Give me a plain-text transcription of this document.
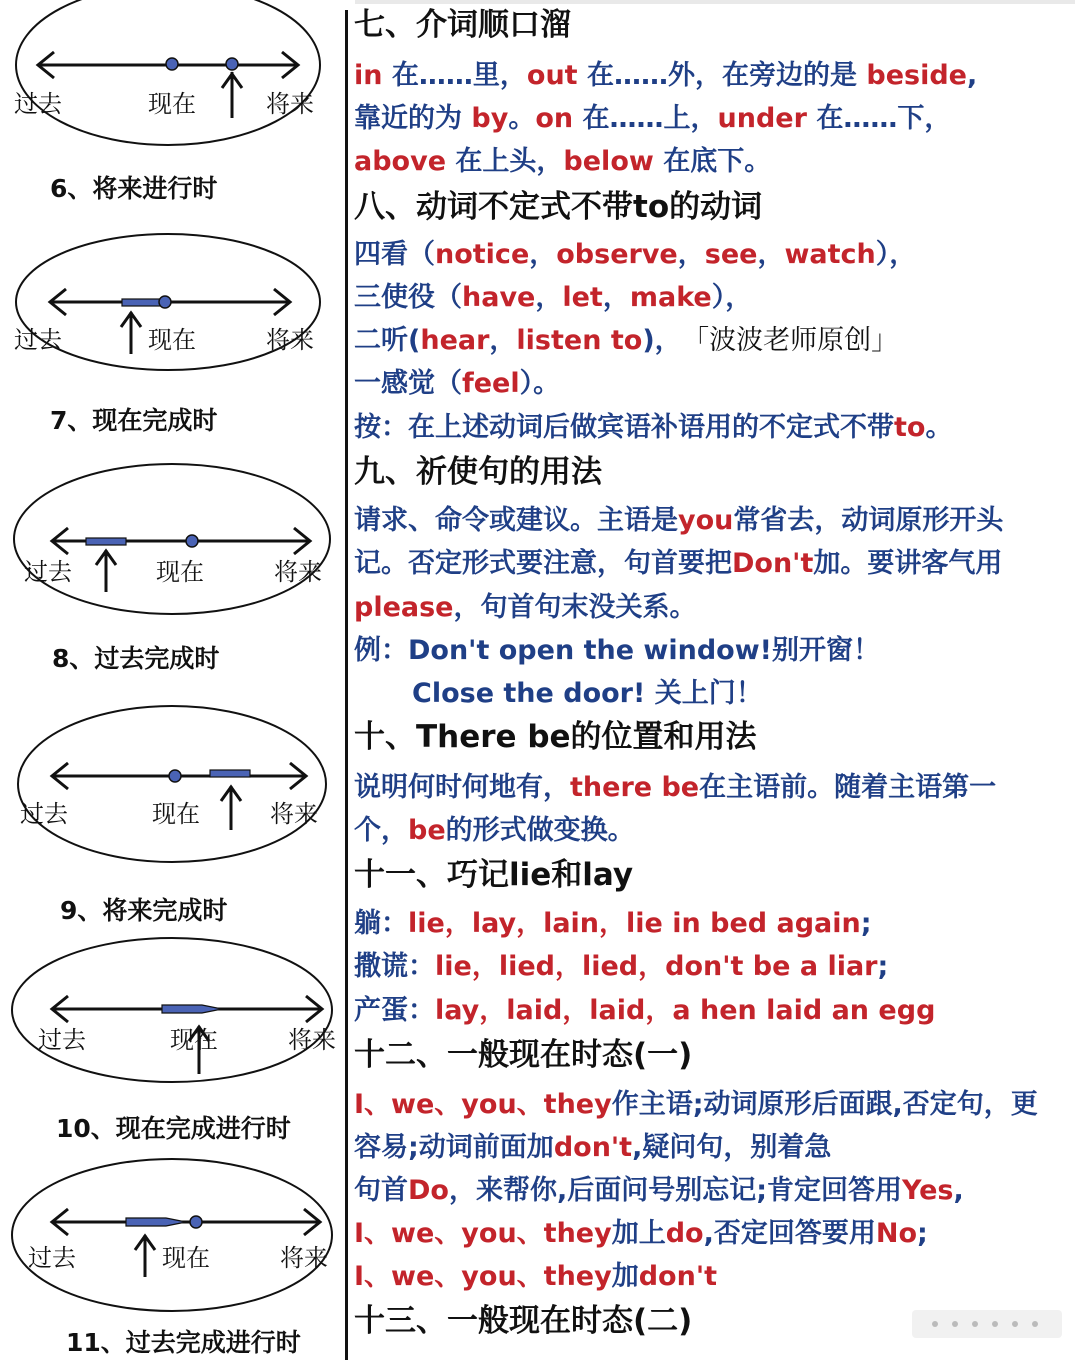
过去	现在	将来
6、将来进行时
过去	现在	将来
7、现在完成时
过去	现在	将来
8、过去完成时
过去	现在	将来
9、将来完成时
过去	现在	将来
10、现在完成进行时
过去	现在	将来
11、过去完成进行时
七、介词顺口溜
in 在……里，out 在……外，在旁边的是 beside,
靠近的为 by。on 在……上，under 在……下，
above 在上头，below 在底下。
八、动词不定式不带to的动词
四看（notice，observe，see，watch），
三使役（have，let，make），
二听(hear，listen to)， 「波波老师原创」
一感觉（feel）。
按：在上述动词后做宾语补语用的不定式不带to。
九、祈使句的用法
请求、命令或建议。主语是you常省去，动词原形开头
记。否定形式要注意，句首要把Don't加。要讲客气用
please，句首句末没关系。
例：Don't open the window!别开窗！
Close the door! 关上门！
十、There be的位置和用法
说明何时何地有，there be在主语前。随着主语第一
个，be的形式做变换。
十一、巧记lie和lay
躺：lie，lay，lain，lie in bed again;
撒谎：lie，lied，lied，don't be a liar;
产蛋：lay，laid，laid，a hen laid an egg
十二、一般现在时态(一)
I、we、you、they作主语;动词原形后面跟,否定句，更
容易;动词前面加don't,疑问句，别着急
句首Do，来帮你,后面问号别忘记;肯定回答用Yes,
I、we、you、they加上do,否定回答要用No;
I、we、you、they加don't
十三、一般现在时态(二)
